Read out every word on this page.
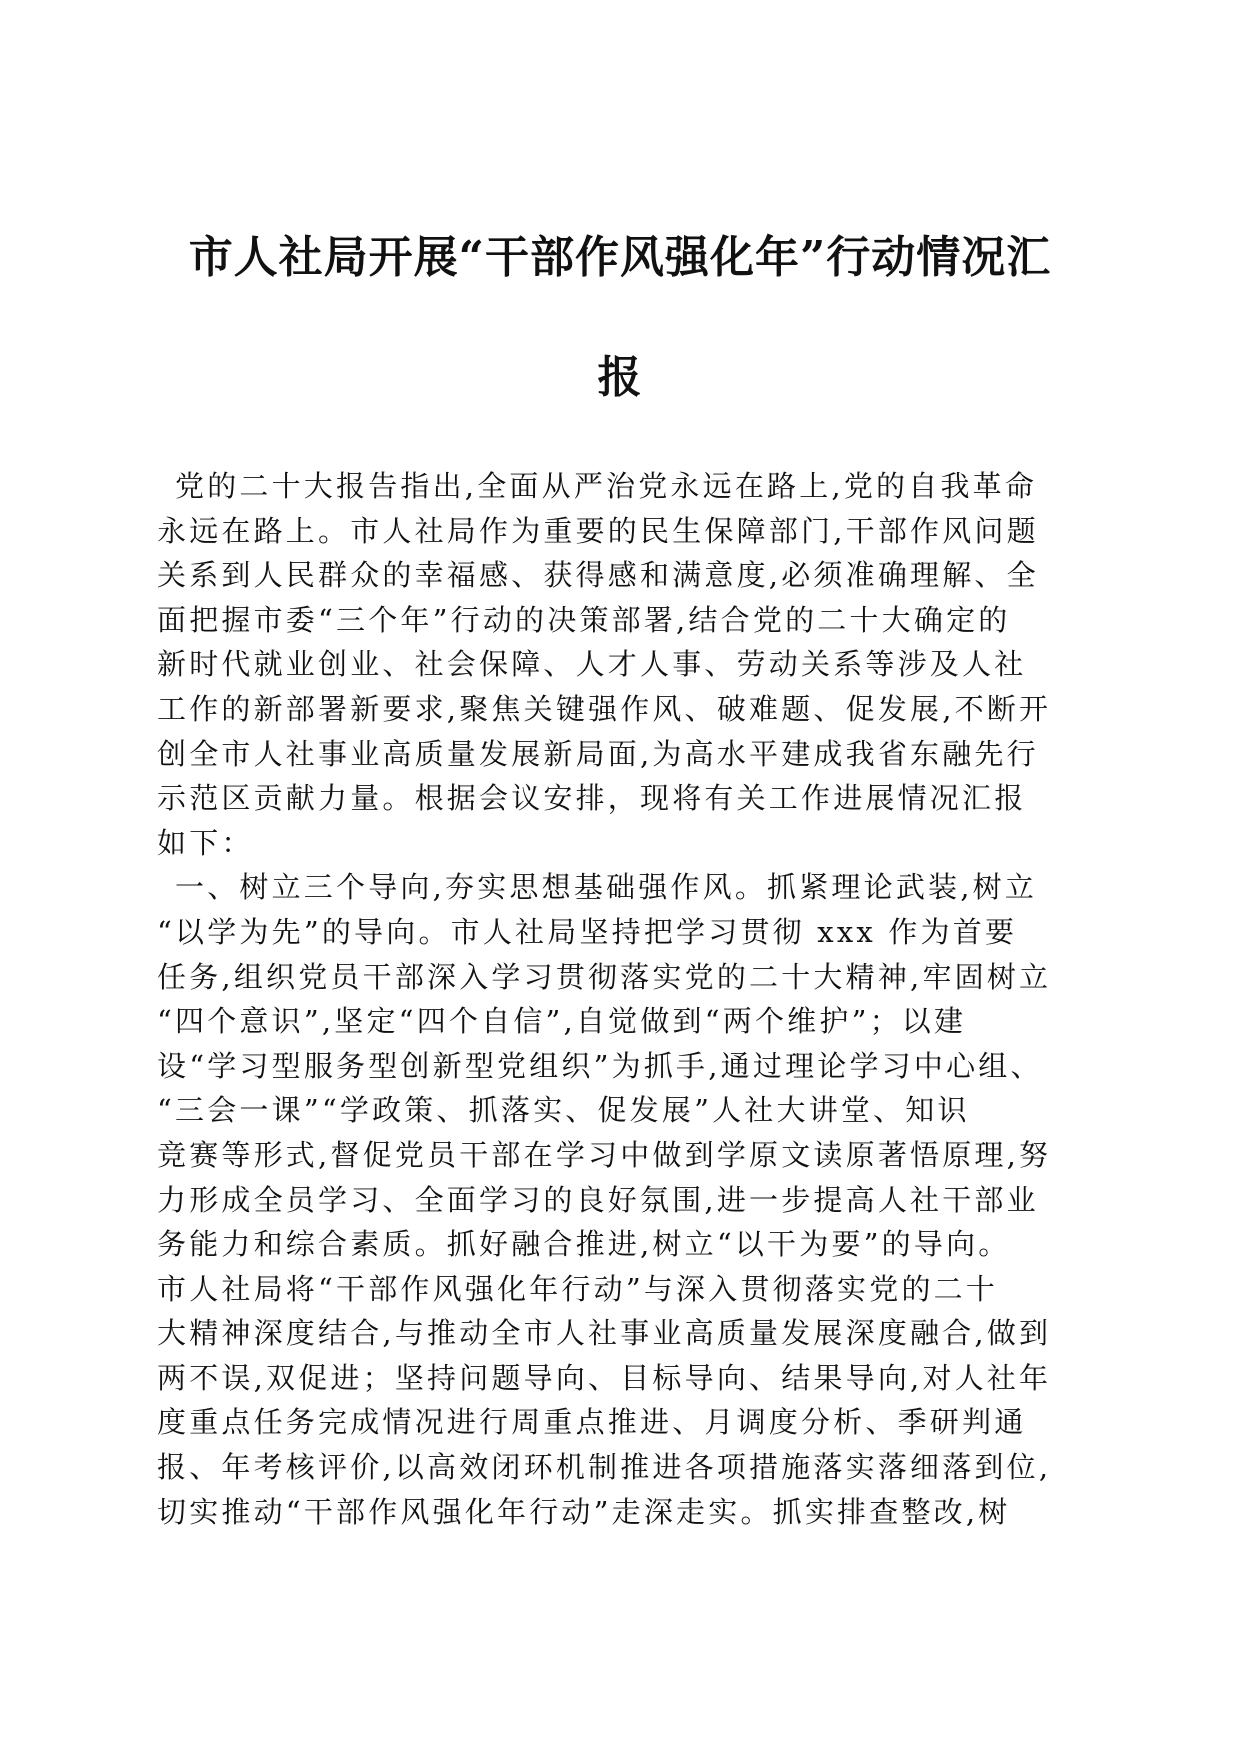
市人社局开展“干部作风强化年”行动情况汇
报
党的二十大报告指出,全面从严治党永远在路上,党的自我革命
永远在路上。市人社局作为重要的民生保障部门,干部作风问题
关系到人民群众的幸福感、获得感和满意度,必须准确理解、全
面把握市委“三个年”行动的决策部署,结合党的二十大确定的
新时代就业创业、社会保障、人才人事、劳动关系等涉及人社
工作的新部署新要求,聚焦关键强作风、破难题、促发展,不断开
创全市人社事业高质量发展新局面,为高水平建成我省东融先行
示范区贡献力量。根据会议安排，现将有关工作进展情况汇报
如下：
一、树立三个导向,夯实思想基础强作风。抓紧理论武装,树立
“以学为先”的导向。市人社局坚持把学习贯彻 xxx 作为首要
任务,组织党员干部深入学习贯彻落实党的二十大精神,牢固树立
“四个意识”,坚定“四个自信”,自觉做到“两个维护”；以建
设“学习型服务型创新型党组织”为抓手,通过理论学习中心组、
“三会一课”“学政策、抓落实、促发展”人社大讲堂、知识
竞赛等形式,督促党员干部在学习中做到学原文读原著悟原理,努
力形成全员学习、全面学习的良好氛围,进一步提高人社干部业
务能力和综合素质。抓好融合推进,树立“以干为要”的导向。
市人社局将“干部作风强化年行动”与深入贯彻落实党的二十
大精神深度结合,与推动全市人社事业高质量发展深度融合,做到
两不误,双促进；坚持问题导向、目标导向、结果导向,对人社年
度重点任务完成情况进行周重点推进、月调度分析、季研判通
报、年考核评价,以高效闭环机制推进各项措施落实落细落到位,
切实推动“干部作风强化年行动”走深走实。抓实排查整改,树
